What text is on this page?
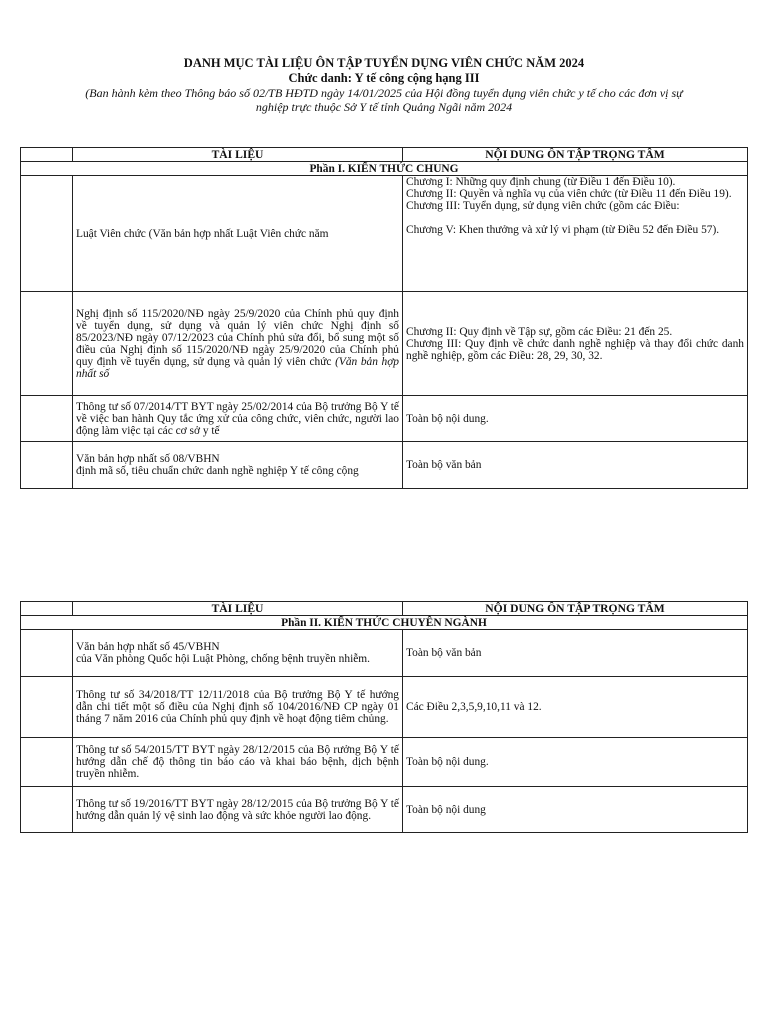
DANH MỤC TÀI LIỆU ÔN TẬP TUYỂN DỤNG VIÊN CHỨC NĂM 2024
Chức danh: Y tế công cộng hạng III
(Ban hành kèm theo Thông báo số 02/TB HĐTD ngày 14/01/2025 của Hội đồng tuyển dụng viên chức y tế cho các đơn vị sự
nghiệp trực thuộc Sở Y tế tỉnh Quảng Ngãi năm 2024
	TÀI LIỆU	NỘI DUNG ÔN TẬP TRỌNG TÂM
Phần I. KIẾN THỨC CHUNG		
	Luật Viên chức (Văn bản hợp nhất Luật Viên chức năm	Chương I: Những quy định chung (từ Điều 1 đến Điều 10).
Chương II: Quyền và nghĩa vụ của viên chức (từ Điều 11 đến Điều 19).
Chương III: Tuyển dụng, sử dụng viên chức (gồm các Điều:

Chương V: Khen thưởng và xử lý vi phạm (từ Điều 52 đến Điều 57).
	Nghị định số 115/2020/NĐ ngày 25/9/2020 của Chính phủ quy định về tuyển dụng, sử dụng và quản lý viên chức Nghị định số 85/2023/NĐ ngày 07/12/2023 của Chính phủ sửa đổi, bổ sung một số điều của Nghị định số 115/2020/NĐ ngày 25/9/2020 của Chính phủ quy định về tuyển dụng, sử dụng và quản lý viên chức (Văn bản hợp nhất số	Chương II: Quy định về Tập sự, gồm các Điều: 21 đến 25.
Chương III: Quy định về chức danh nghề nghiệp và thay đổi chức danh nghề nghiệp, gồm các Điều: 28, 29, 30, 32.
	Thông tư số 07/2014/TT BYT ngày 25/02/2014 của Bộ trưởng Bộ Y tế về việc ban hành Quy tắc ứng xử của công chức, viên chức, người lao động làm việc tại các cơ sở y tế	Toàn bộ nội dung.
	Văn bản hợp nhất số 08/VBHN
định mã số, tiêu chuẩn chức danh nghề nghiệp Y tế công cộng	Toàn bộ văn bản
	TÀI LIỆU	NỘI DUNG ÔN TẬP TRỌNG TÂM
Phần II. KIẾN THỨC CHUYÊN NGÀNH		
	Văn bản hợp nhất số 45/VBHN
của Văn phòng Quốc hội Luật Phòng, chống bệnh truyền nhiễm.	Toàn bộ văn bản
	Thông tư số 34/2018/TT 12/11/2018 của Bộ trưởng Bộ Y tế hướng dẫn chi tiết một số điều của Nghị định số 104/2016/NĐ CP ngày 01 tháng 7 năm 2016 của Chính phủ quy định về hoạt động tiêm chủng.	Các Điều 2,3,5,9,10,11 và 12.
	Thông tư số 54/2015/TT BYT ngày 28/12/2015 của Bộ rưởng Bộ Y tế hướng dẫn chế độ thông tin báo cáo và khai báo bệnh, dịch bệnh truyền nhiễm.	Toàn bộ nội dung.
	Thông tư số 19/2016/TT BYT ngày 28/12/2015 của Bộ trưởng Bộ Y tế hướng dẫn quản lý vệ sinh lao động và sức khỏe người lao động.	Toàn bộ nội dung
